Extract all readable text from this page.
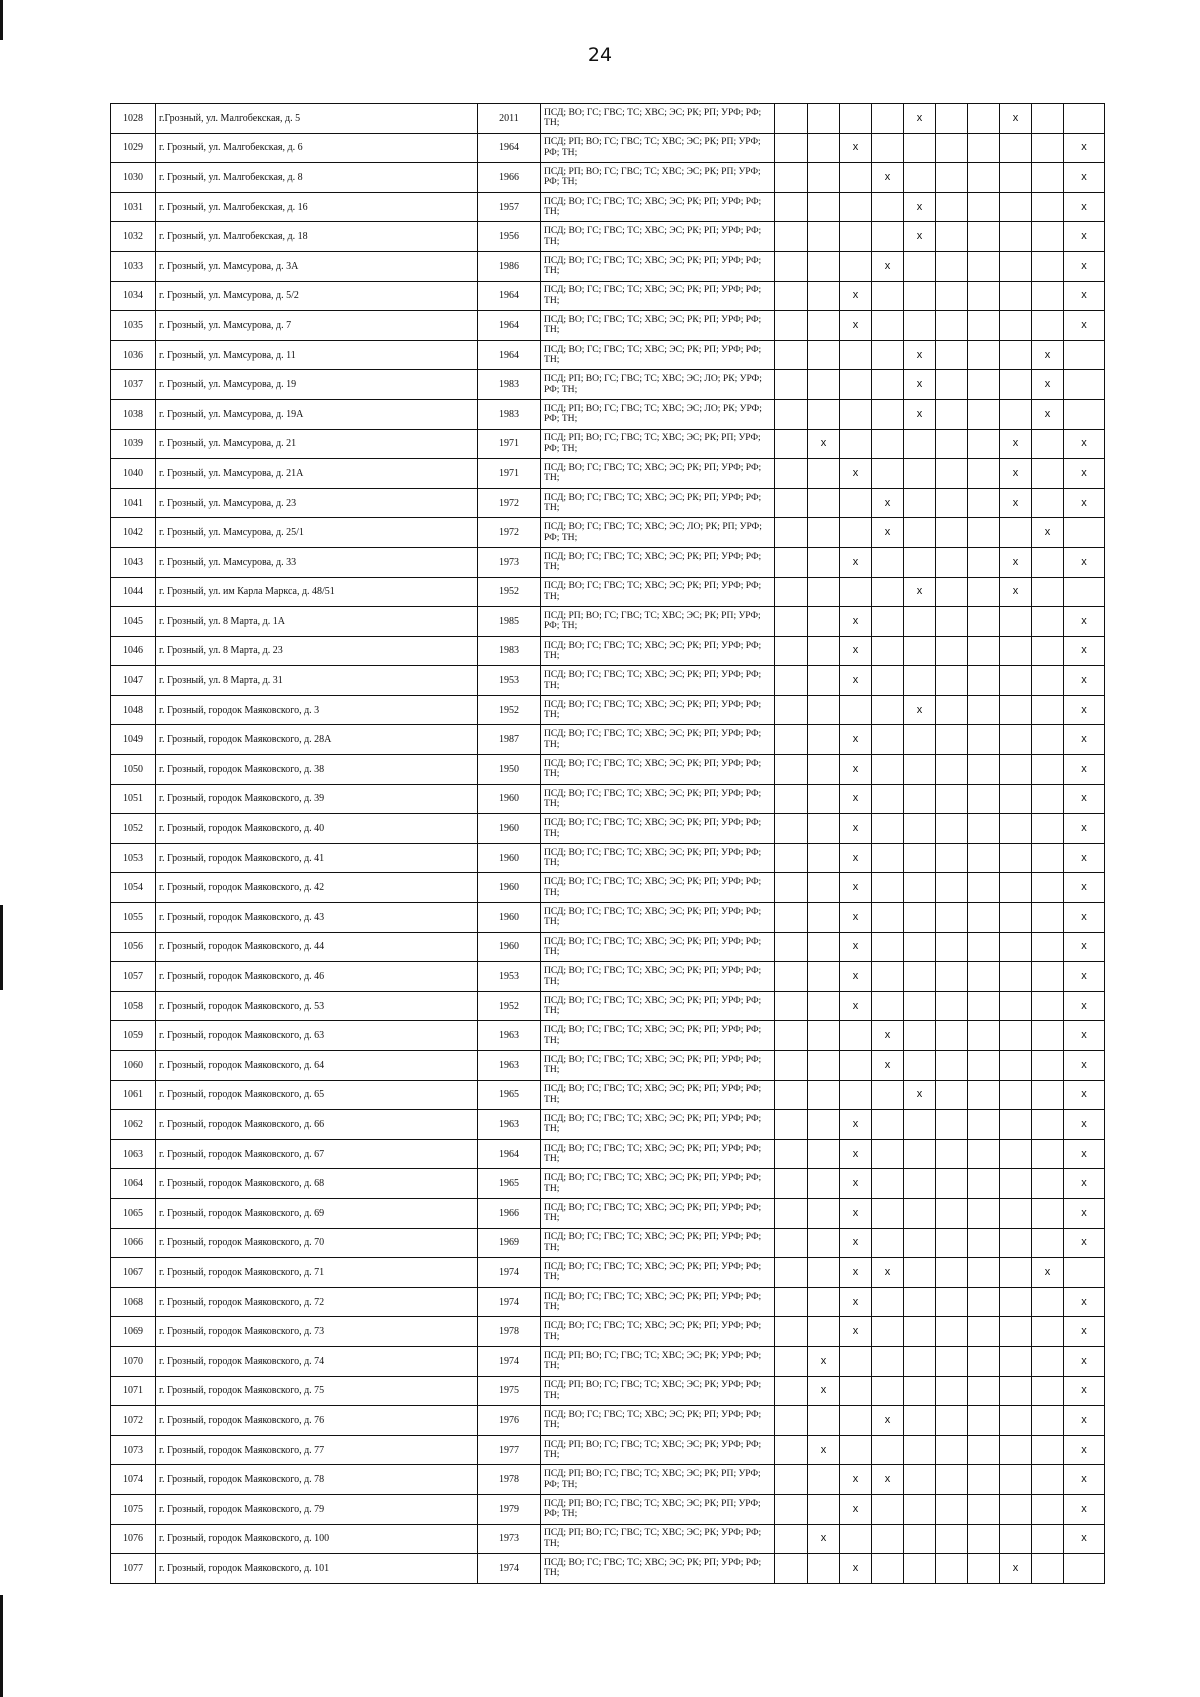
24
1028	г.Грозный, ул. Малгобекская, д. 5	2011	ПСД; ВО; ГС; ГВС; ТС; ХВС; ЭС; РК; РП; УРФ; РФ; ТН;					x			x		
1029	г. Грозный, ул. Малгобекская, д. 6	1964	ПСД; РП; ВО; ГС; ГВС; ТС; ХВС; ЭС; РК; РП; УРФ; РФ; ТН;			x							x
1030	г. Грозный, ул. Малгобекская, д. 8	1966	ПСД; РП; ВО; ГС; ГВС; ТС; ХВС; ЭС; РК; РП; УРФ; РФ; ТН;				x						x
1031	г. Грозный, ул. Малгобекская, д. 16	1957	ПСД; ВО; ГС; ГВС; ТС; ХВС; ЭС; РК; РП; УРФ; РФ; ТН;					x					x
1032	г. Грозный, ул. Малгобекская, д. 18	1956	ПСД; ВО; ГС; ГВС; ТС; ХВС; ЭС; РК; РП; УРФ; РФ; ТН;					x					x
1033	г. Грозный, ул. Мамсурова, д. 3А	1986	ПСД; ВО; ГС; ГВС; ТС; ХВС; ЭС; РК; РП; УРФ; РФ; ТН;				x						x
1034	г. Грозный, ул. Мамсурова, д. 5/2	1964	ПСД; ВО; ГС; ГВС; ТС; ХВС; ЭС; РК; РП; УРФ; РФ; ТН;			x							x
1035	г. Грозный, ул. Мамсурова, д. 7	1964	ПСД; ВО; ГС; ГВС; ТС; ХВС; ЭС; РК; РП; УРФ; РФ; ТН;			x							x
1036	г. Грозный, ул. Мамсурова, д. 11	1964	ПСД; ВО; ГС; ГВС; ТС; ХВС; ЭС; РК; РП; УРФ; РФ; ТН;					x				x	
1037	г. Грозный, ул. Мамсурова, д. 19	1983	ПСД; РП; ВО; ГС; ГВС; ТС; ХВС; ЭС; ЛО; РК; УРФ; РФ; ТН;					x				x	
1038	г. Грозный, ул. Мамсурова, д. 19А	1983	ПСД; РП; ВО; ГС; ГВС; ТС; ХВС; ЭС; ЛО; РК; УРФ; РФ; ТН;					x				x	
1039	г. Грозный, ул. Мамсурова, д. 21	1971	ПСД; РП; ВО; ГС; ГВС; ТС; ХВС; ЭС; РК; РП; УРФ; РФ; ТН;		x						x		x
1040	г. Грозный, ул. Мамсурова, д. 21А	1971	ПСД; ВО; ГС; ГВС; ТС; ХВС; ЭС; РК; РП; УРФ; РФ; ТН;			x					x		x
1041	г. Грозный, ул. Мамсурова, д. 23	1972	ПСД; ВО; ГС; ГВС; ТС; ХВС; ЭС; РК; РП; УРФ; РФ; ТН;				x				x		x
1042	г. Грозный, ул. Мамсурова, д. 25/1	1972	ПСД; ВО; ГС; ГВС; ТС; ХВС; ЭС; ЛО; РК; РП; УРФ; РФ; ТН;				x					x	
1043	г. Грозный, ул. Мамсурова, д. 33	1973	ПСД; ВО; ГС; ГВС; ТС; ХВС; ЭС; РК; РП; УРФ; РФ; ТН;			x					x		x
1044	г. Грозный, ул. им Карла Маркса, д. 48/51	1952	ПСД; ВО; ГС; ГВС; ТС; ХВС; ЭС; РК; РП; УРФ; РФ; ТН;					x			x		
1045	г. Грозный, ул. 8 Марта, д. 1А	1985	ПСД; РП; ВО; ГС; ГВС; ТС; ХВС; ЭС; РК; РП; УРФ; РФ; ТН;			x							x
1046	г. Грозный, ул. 8 Марта, д. 23	1983	ПСД; ВО; ГС; ГВС; ТС; ХВС; ЭС; РК; РП; УРФ; РФ; ТН;			x							x
1047	г. Грозный, ул. 8 Марта, д. 31	1953	ПСД; ВО; ГС; ГВС; ТС; ХВС; ЭС; РК; РП; УРФ; РФ; ТН;			x							x
1048	г. Грозный, городок Маяковского, д. 3	1952	ПСД; ВО; ГС; ГВС; ТС; ХВС; ЭС; РК; РП; УРФ; РФ; ТН;					x					x
1049	г. Грозный, городок Маяковского, д. 28А	1987	ПСД; ВО; ГС; ГВС; ТС; ХВС; ЭС; РК; РП; УРФ; РФ; ТН;			x							x
1050	г. Грозный, городок Маяковского, д. 38	1950	ПСД; ВО; ГС; ГВС; ТС; ХВС; ЭС; РК; РП; УРФ; РФ; ТН;			x							x
1051	г. Грозный, городок Маяковского, д. 39	1960	ПСД; ВО; ГС; ГВС; ТС; ХВС; ЭС; РК; РП; УРФ; РФ; ТН;			x							x
1052	г. Грозный, городок Маяковского, д. 40	1960	ПСД; ВО; ГС; ГВС; ТС; ХВС; ЭС; РК; РП; УРФ; РФ; ТН;			x							x
1053	г. Грозный, городок Маяковского, д. 41	1960	ПСД; ВО; ГС; ГВС; ТС; ХВС; ЭС; РК; РП; УРФ; РФ; ТН;			x							x
1054	г. Грозный, городок Маяковского, д. 42	1960	ПСД; ВО; ГС; ГВС; ТС; ХВС; ЭС; РК; РП; УРФ; РФ; ТН;			x							x
1055	г. Грозный, городок Маяковского, д. 43	1960	ПСД; ВО; ГС; ГВС; ТС; ХВС; ЭС; РК; РП; УРФ; РФ; ТН;			x							x
1056	г. Грозный, городок Маяковского, д. 44	1960	ПСД; ВО; ГС; ГВС; ТС; ХВС; ЭС; РК; РП; УРФ; РФ; ТН;			x							x
1057	г. Грозный, городок Маяковского, д. 46	1953	ПСД; ВО; ГС; ГВС; ТС; ХВС; ЭС; РК; РП; УРФ; РФ; ТН;			x							x
1058	г. Грозный, городок Маяковского, д. 53	1952	ПСД; ВО; ГС; ГВС; ТС; ХВС; ЭС; РК; РП; УРФ; РФ; ТН;			x							x
1059	г. Грозный, городок Маяковского, д. 63	1963	ПСД; ВО; ГС; ГВС; ТС; ХВС; ЭС; РК; РП; УРФ; РФ; ТН;				x						x
1060	г. Грозный, городок Маяковского, д. 64	1963	ПСД; ВО; ГС; ГВС; ТС; ХВС; ЭС; РК; РП; УРФ; РФ; ТН;				x						x
1061	г. Грозный, городок Маяковского, д. 65	1965	ПСД; ВО; ГС; ГВС; ТС; ХВС; ЭС; РК; РП; УРФ; РФ; ТН;					x					x
1062	г. Грозный, городок Маяковского, д. 66	1963	ПСД; ВО; ГС; ГВС; ТС; ХВС; ЭС; РК; РП; УРФ; РФ; ТН;			x							x
1063	г. Грозный, городок Маяковского, д. 67	1964	ПСД; ВО; ГС; ГВС; ТС; ХВС; ЭС; РК; РП; УРФ; РФ; ТН;			x							x
1064	г. Грозный, городок Маяковского, д. 68	1965	ПСД; ВО; ГС; ГВС; ТС; ХВС; ЭС; РК; РП; УРФ; РФ; ТН;			x							x
1065	г. Грозный, городок Маяковского, д. 69	1966	ПСД; ВО; ГС; ГВС; ТС; ХВС; ЭС; РК; РП; УРФ; РФ; ТН;			x							x
1066	г. Грозный, городок Маяковского, д. 70	1969	ПСД; ВО; ГС; ГВС; ТС; ХВС; ЭС; РК; РП; УРФ; РФ; ТН;			x							x
1067	г. Грозный, городок Маяковского, д. 71	1974	ПСД; ВО; ГС; ГВС; ТС; ХВС; ЭС; РК; РП; УРФ; РФ; ТН;			x	x					x	
1068	г. Грозный, городок Маяковского, д. 72	1974	ПСД; ВО; ГС; ГВС; ТС; ХВС; ЭС; РК; РП; УРФ; РФ; ТН;			x							x
1069	г. Грозный, городок Маяковского, д. 73	1978	ПСД; ВО; ГС; ГВС; ТС; ХВС; ЭС; РК; РП; УРФ; РФ; ТН;			x							x
1070	г. Грозный, городок Маяковского, д. 74	1974	ПСД; РП; ВО; ГС; ГВС; ТС; ХВС; ЭС; РК; УРФ; РФ; ТН;		x								x
1071	г. Грозный, городок Маяковского, д. 75	1975	ПСД; РП; ВО; ГС; ГВС; ТС; ХВС; ЭС; РК; УРФ; РФ; ТН;		x								x
1072	г. Грозный, городок Маяковского, д. 76	1976	ПСД; ВО; ГС; ГВС; ТС; ХВС; ЭС; РК; РП; УРФ; РФ; ТН;				x						x
1073	г. Грозный, городок Маяковского, д. 77	1977	ПСД; РП; ВО; ГС; ГВС; ТС; ХВС; ЭС; РК; УРФ; РФ; ТН;		x								x
1074	г. Грозный, городок Маяковского, д. 78	1978	ПСД; РП; ВО; ГС; ГВС; ТС; ХВС; ЭС; РК; РП; УРФ; РФ; ТН;			x	x						x
1075	г. Грозный, городок Маяковского, д. 79	1979	ПСД; РП; ВО; ГС; ГВС; ТС; ХВС; ЭС; РК; РП; УРФ; РФ; ТН;			x							x
1076	г. Грозный, городок Маяковского, д. 100	1973	ПСД; РП; ВО; ГС; ГВС; ТС; ХВС; ЭС; РК; УРФ; РФ; ТН;		x								x
1077	г. Грозный, городок Маяковского, д. 101	1974	ПСД; ВО; ГС; ГВС; ТС; ХВС; ЭС; РК; РП; УРФ; РФ; ТН;			x					x		
